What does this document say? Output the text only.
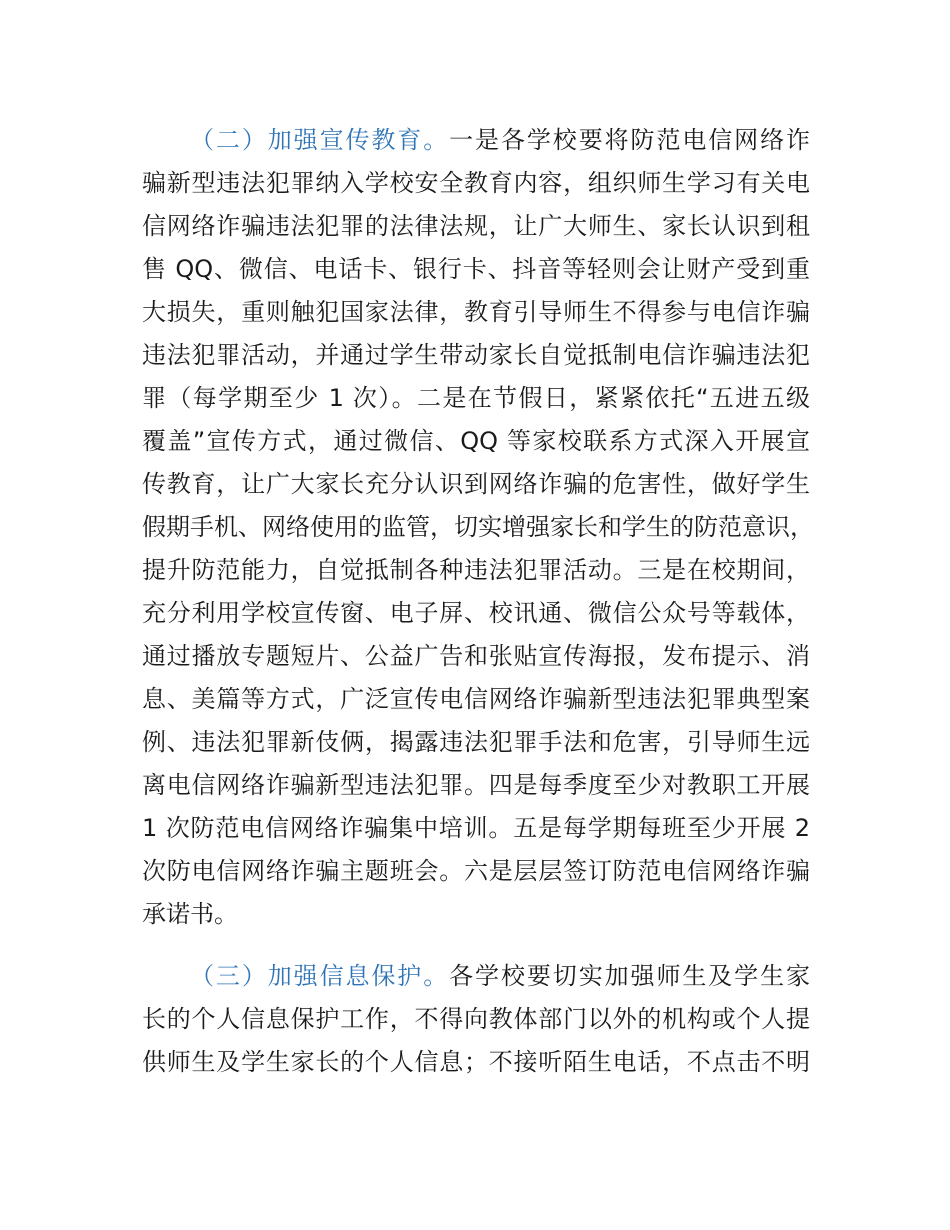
（二）加强宣传教育。一是各学校要将防范电信网络诈
骗新型违法犯罪纳入学校安全教育内容，组织师生学习有关电
信网络诈骗违法犯罪的法律法规，让广大师生、家长认识到租
售 QQ、微信、电话卡、银行卡、抖音等轻则会让财产受到重
大损失，重则触犯国家法律，教育引导师生不得参与电信诈骗
违法犯罪活动，并通过学生带动家长自觉抵制电信诈骗违法犯
罪（每学期至少 1 次）。二是在节假日，紧紧依托“五进五级
覆盖”宣传方式，通过微信、QQ 等家校联系方式深入开展宣
传教育，让广大家长充分认识到网络诈骗的危害性，做好学生
假期手机、网络使用的监管，切实增强家长和学生的防范意识，
提升防范能力，自觉抵制各种违法犯罪活动。三是在校期间，
充分利用学校宣传窗、电子屏、校讯通、微信公众号等载体，
通过播放专题短片、公益广告和张贴宣传海报，发布提示、消
息、美篇等方式，广泛宣传电信网络诈骗新型违法犯罪典型案
例、违法犯罪新伎俩，揭露违法犯罪手法和危害，引导师生远
离电信网络诈骗新型违法犯罪。四是每季度至少对教职工开展
1 次防范电信网络诈骗集中培训。五是每学期每班至少开展 2
次防电信网络诈骗主题班会。六是层层签订防范电信网络诈骗
承诺书。
（三）加强信息保护。各学校要切实加强师生及学生家
长的个人信息保护工作，不得向教体部门以外的机构或个人提
供师生及学生家长的个人信息；不接听陌生电话，不点击不明
